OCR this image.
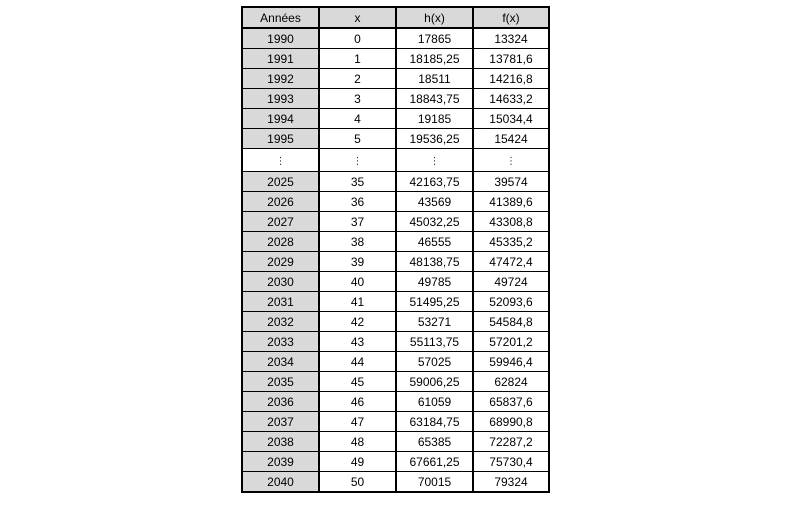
Années	x	h(x)	f(x)
1990	0	17865	13324
1991	1	18185,25	13781,6
1992	2	18511	14216,8
1993	3	18843,75	14633,2
1994	4	19185	15034,4
1995	5	19536,25	15424
⋮	⋮	⋮	⋮
2025	35	42163,75	39574
2026	36	43569	41389,6
2027	37	45032,25	43308,8
2028	38	46555	45335,2
2029	39	48138,75	47472,4
2030	40	49785	49724
2031	41	51495,25	52093,6
2032	42	53271	54584,8
2033	43	55113,75	57201,2
2034	44	57025	59946,4
2035	45	59006,25	62824
2036	46	61059	65837,6
2037	47	63184,75	68990,8
2038	48	65385	72287,2
2039	49	67661,25	75730,4
2040	50	70015	79324
